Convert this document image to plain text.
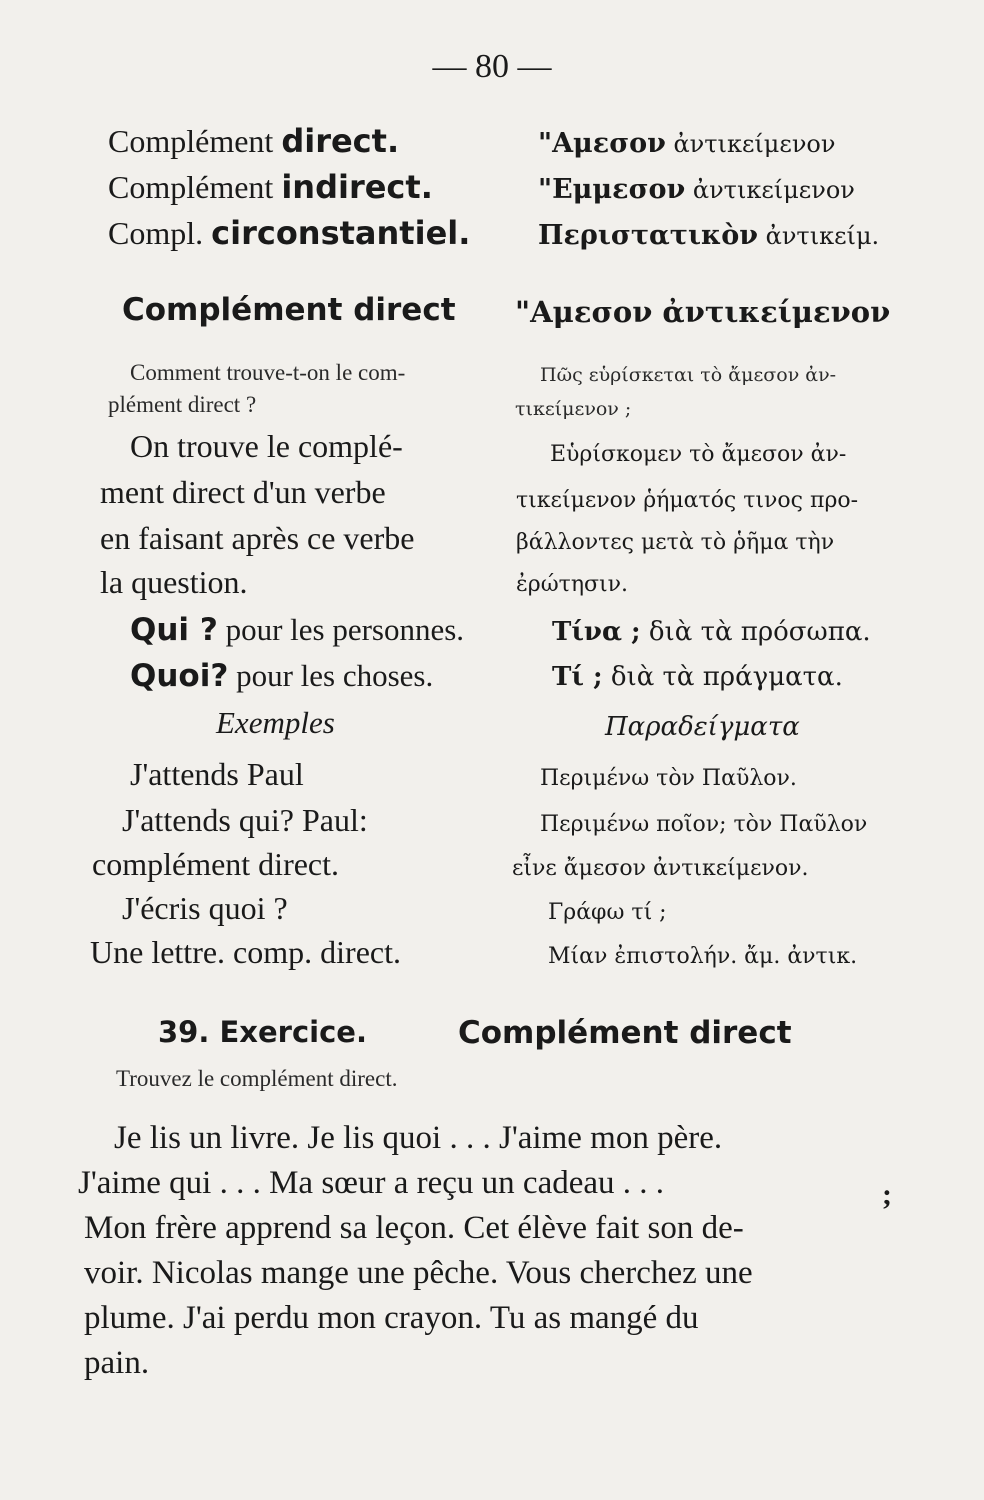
— 80 —
Complément direct.	"Αμεσον ἀντικείμενον
Complément indirect.	"Εμμεσον ἀντικείμενον
Compl. circonstantiel.	Περιστατικὸν ἀντικείμ.
Complément direct "Αμεσον ἀντικείμενον
Comment trouve-t-on le com-
plément direct ?
Πῶς εὑρίσκεται τὸ ἄμεσον ἀν-
τικείμενον ;
On trouve le complé-
ment direct d'un verbe
en faisant après ce verbe
la question.
Εὑρίσκομεν τὸ ἄμεσον ἀν-
τικείμενον ῥήματός τινος προ-
βάλλοντες μετὰ τὸ ῥῆμα τὴν
ἐρώτησιν.
Qui ? pour les personnes.	Τίνα ; διὰ τὰ πρόσωπα.
Quoi? pour les choses.	Τί ; διὰ τὰ πράγματα.
Exemples	Παραδείγματα
J'attends Paul	Περιμένω τὸν Παῦλον.
J'attends qui? Paul:	Περιμένω ποῖον; τὸν Παῦλον
complément direct.	εἶνε ἄμεσον ἀντικείμενον.
J'écris quoi ?	Γράφω τί ;
Une lettre. comp. direct.	Μίαν ἐπιστολήν. ἄμ. ἀντικ.
39. Exercice.	Complément direct
Trouvez le complément direct.
Je lis un livre. Je lis quoi . . . J'aime mon père.
J'aime qui . . . Ma sœur a reçu un cadeau . . .
Mon frère apprend sa leçon. Cet élève fait son de-
voir. Nicolas mange une pêche. Vous cherchez une
plume. J'ai perdu mon crayon. Tu as mangé du
pain.
;
